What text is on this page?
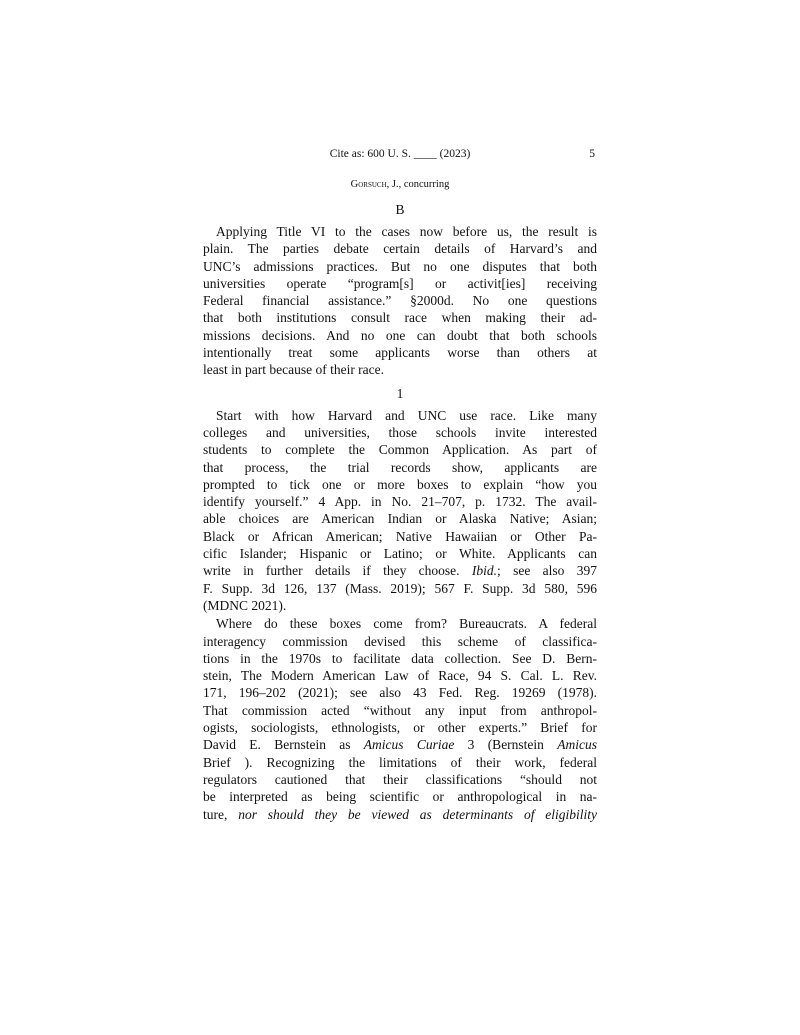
Cite as: 600 U. S. ____ (2023)	5
Gorsuch, J., concurring
B

Applying Title VI to the cases now before us, the result is
plain. The parties debate certain details of Harvard’s and
UNC’s admissions practices. But no one disputes that both
universities operate “program[s] or activit[ies] receiving
Federal financial assistance.” §2000d. No one questions
that both institutions consult race when making their ad-
missions decisions. And no one can doubt that both schools
intentionally treat some applicants worse than others at
least in part because of their race.

1

Start with how Harvard and UNC use race. Like many
colleges and universities, those schools invite interested
students to complete the Common Application. As part of
that process, the trial records show, applicants are
prompted to tick one or more boxes to explain “how you
identify yourself.” 4 App. in No. 21–707, p. 1732. The avail-
able choices are American Indian or Alaska Native; Asian;
Black or African American; Native Hawaiian or Other Pa-
cific Islander; Hispanic or Latino; or White. Applicants can
write in further details if they choose. Ibid.; see also 397
F. Supp. 3d 126, 137 (Mass. 2019); 567 F. Supp. 3d 580, 596
(MDNC 2021).

Where do these boxes come from? Bureaucrats. A federal
interagency commission devised this scheme of classifica-
tions in the 1970s to facilitate data collection. See D. Bern-
stein, The Modern American Law of Race, 94 S. Cal. L. Rev.
171, 196–202 (2021); see also 43 Fed. Reg. 19269 (1978).
That commission acted “without any input from anthropol-
ogists, sociologists, ethnologists, or other experts.” Brief for
David E. Bernstein as Amicus Curiae 3 (Bernstein Amicus
Brief ). Recognizing the limitations of their work, federal
regulators cautioned that their classifications “should not
be interpreted as being scientific or anthropological in na-
ture, nor should they be viewed as determinants of eligibility
